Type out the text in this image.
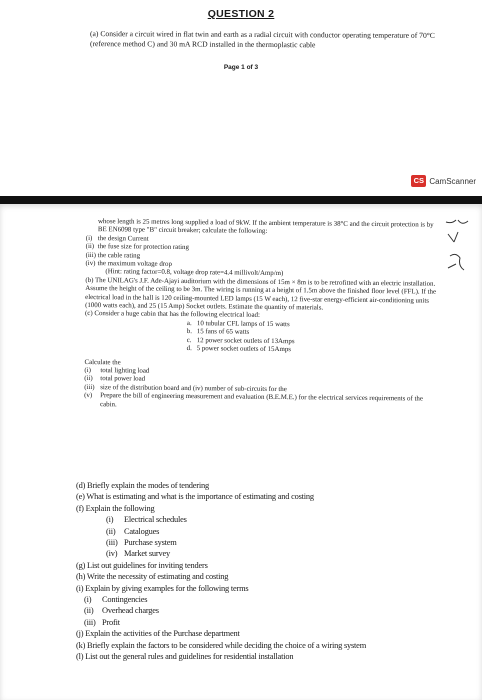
QUESTION 2
(a) Consider a circuit wired in flat twin and earth as a radial circuit with conductor operating temperature of 70°C (reference method C) and 30 mA RCD installed in the thermoplastic cable
Page 1 of 3
CS CamScanner

whose length is 25 metres long supplied a load of 9kW. If the ambient temperature is 38°C and the circuit protection is by BE EN6098 type "B" circuit breaker; calculate the following:

(i) the design Current
(ii) the fuse size for protection rating
(iii) the cable rating
(iv) the maximum voltage drop

(Hint: rating factor=0.8, voltage drop rate=4.4 millivolt/Amp/m)

(b) The UNILAG's J.F. Ade-Ajayi auditorium with the dimensions of 15m × 8m is to be retrofitted with an electric installation. Assume the height of the ceiling to be 3m. The wiring is running at a height of 1.5m above the finished floor level (FFL). If the electrical load in the hall is 120 ceiling-mounted LED lamps (15 W each), 12 five-star energy-efficient air-conditioning units (1000 watts each), and 25 (15 Amp) Socket outlets. Estimate the quantity of materials.

(c) Consider a huge cabin that has the following electrical load:

a. 10 tubular CFL lamps of 15 watts
b. 15 fans of 65 watts
c. 12 power socket outlets of 13Amps
d. 5 power socket outlets of 15Amps

Calculate the

(i)	total lighting load
(ii)	total power load
(iii) size of the distribution board and (iv) number of sub-circuits for the
(v)	Prepare the bill of engineering measurement and evaluation (B.E.M.E.) for the electrical services requirements of the cabin.
(d) Briefly explain the modes of tendering
(e) What is estimating and what is the importance of estimating and costing
(f) Explain the following
(i)	Electrical schedules
(ii)	Catalogues
(iii) Purchase system
(iv) Market survey
(g) List out guidelines for inviting tenders
(h) Write the necessity of estimating and costing
(i) Explain by giving examples for the following terms
(i)	Contingencies
(ii)	Overhead charges
(iii) Profit
(j) Explain the activities of the Purchase department
(k) Briefly explain the factors to be considered while deciding the choice of a wiring system
(l) List out the general rules and guidelines for residential installation
